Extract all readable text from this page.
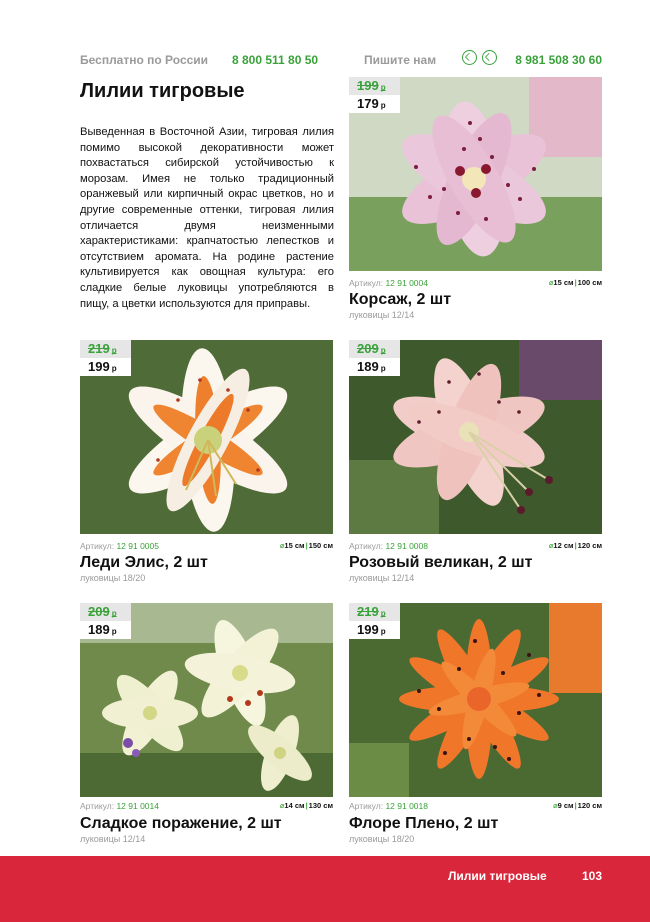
Бесплатно по России 8 800 511 80 50	Пишите нам	8 981 508 30 60
Лилии тигровые

Выведенная в Восточной Азии, тигровая лилия помимо высокой декоративности может похвастаться сибирской устойчивостью к морозам. Имея не только традиционный оранжевый или кирпичный окрас цветков, но и другие современные оттенки, тигровая лилия отличается двумя неизменными характеристиками: крапчатостью лепестков и отсутствием аромата. На родине растение культивируется как овощная культура: его сладкие белые луковицы употребляются в пищу, а цветки используются для приправы.

199 р
179 р
Артикул: 12 91 0004	⌀15 см|100 см
Корсаж, 2 шт
луковицы 12/14
219 р
199 р
Артикул: 12 91 0005	⌀15 см|150 см
Леди Элис, 2 шт
луковицы 18/20
209 р
189 р
Артикул: 12 91 0008	⌀12 см|120 см
Розовый великан, 2 шт
луковицы 12/14
209 р
189 р
Артикул: 12 91 0014	⌀14 см|130 см
Сладкое поражение, 2 шт
луковицы 12/14
219 р
199 р
Артикул: 12 91 0018	⌀9 см|120 см
Флоре Плено, 2 шт
луковицы 18/20
Лилии тигровые	103
